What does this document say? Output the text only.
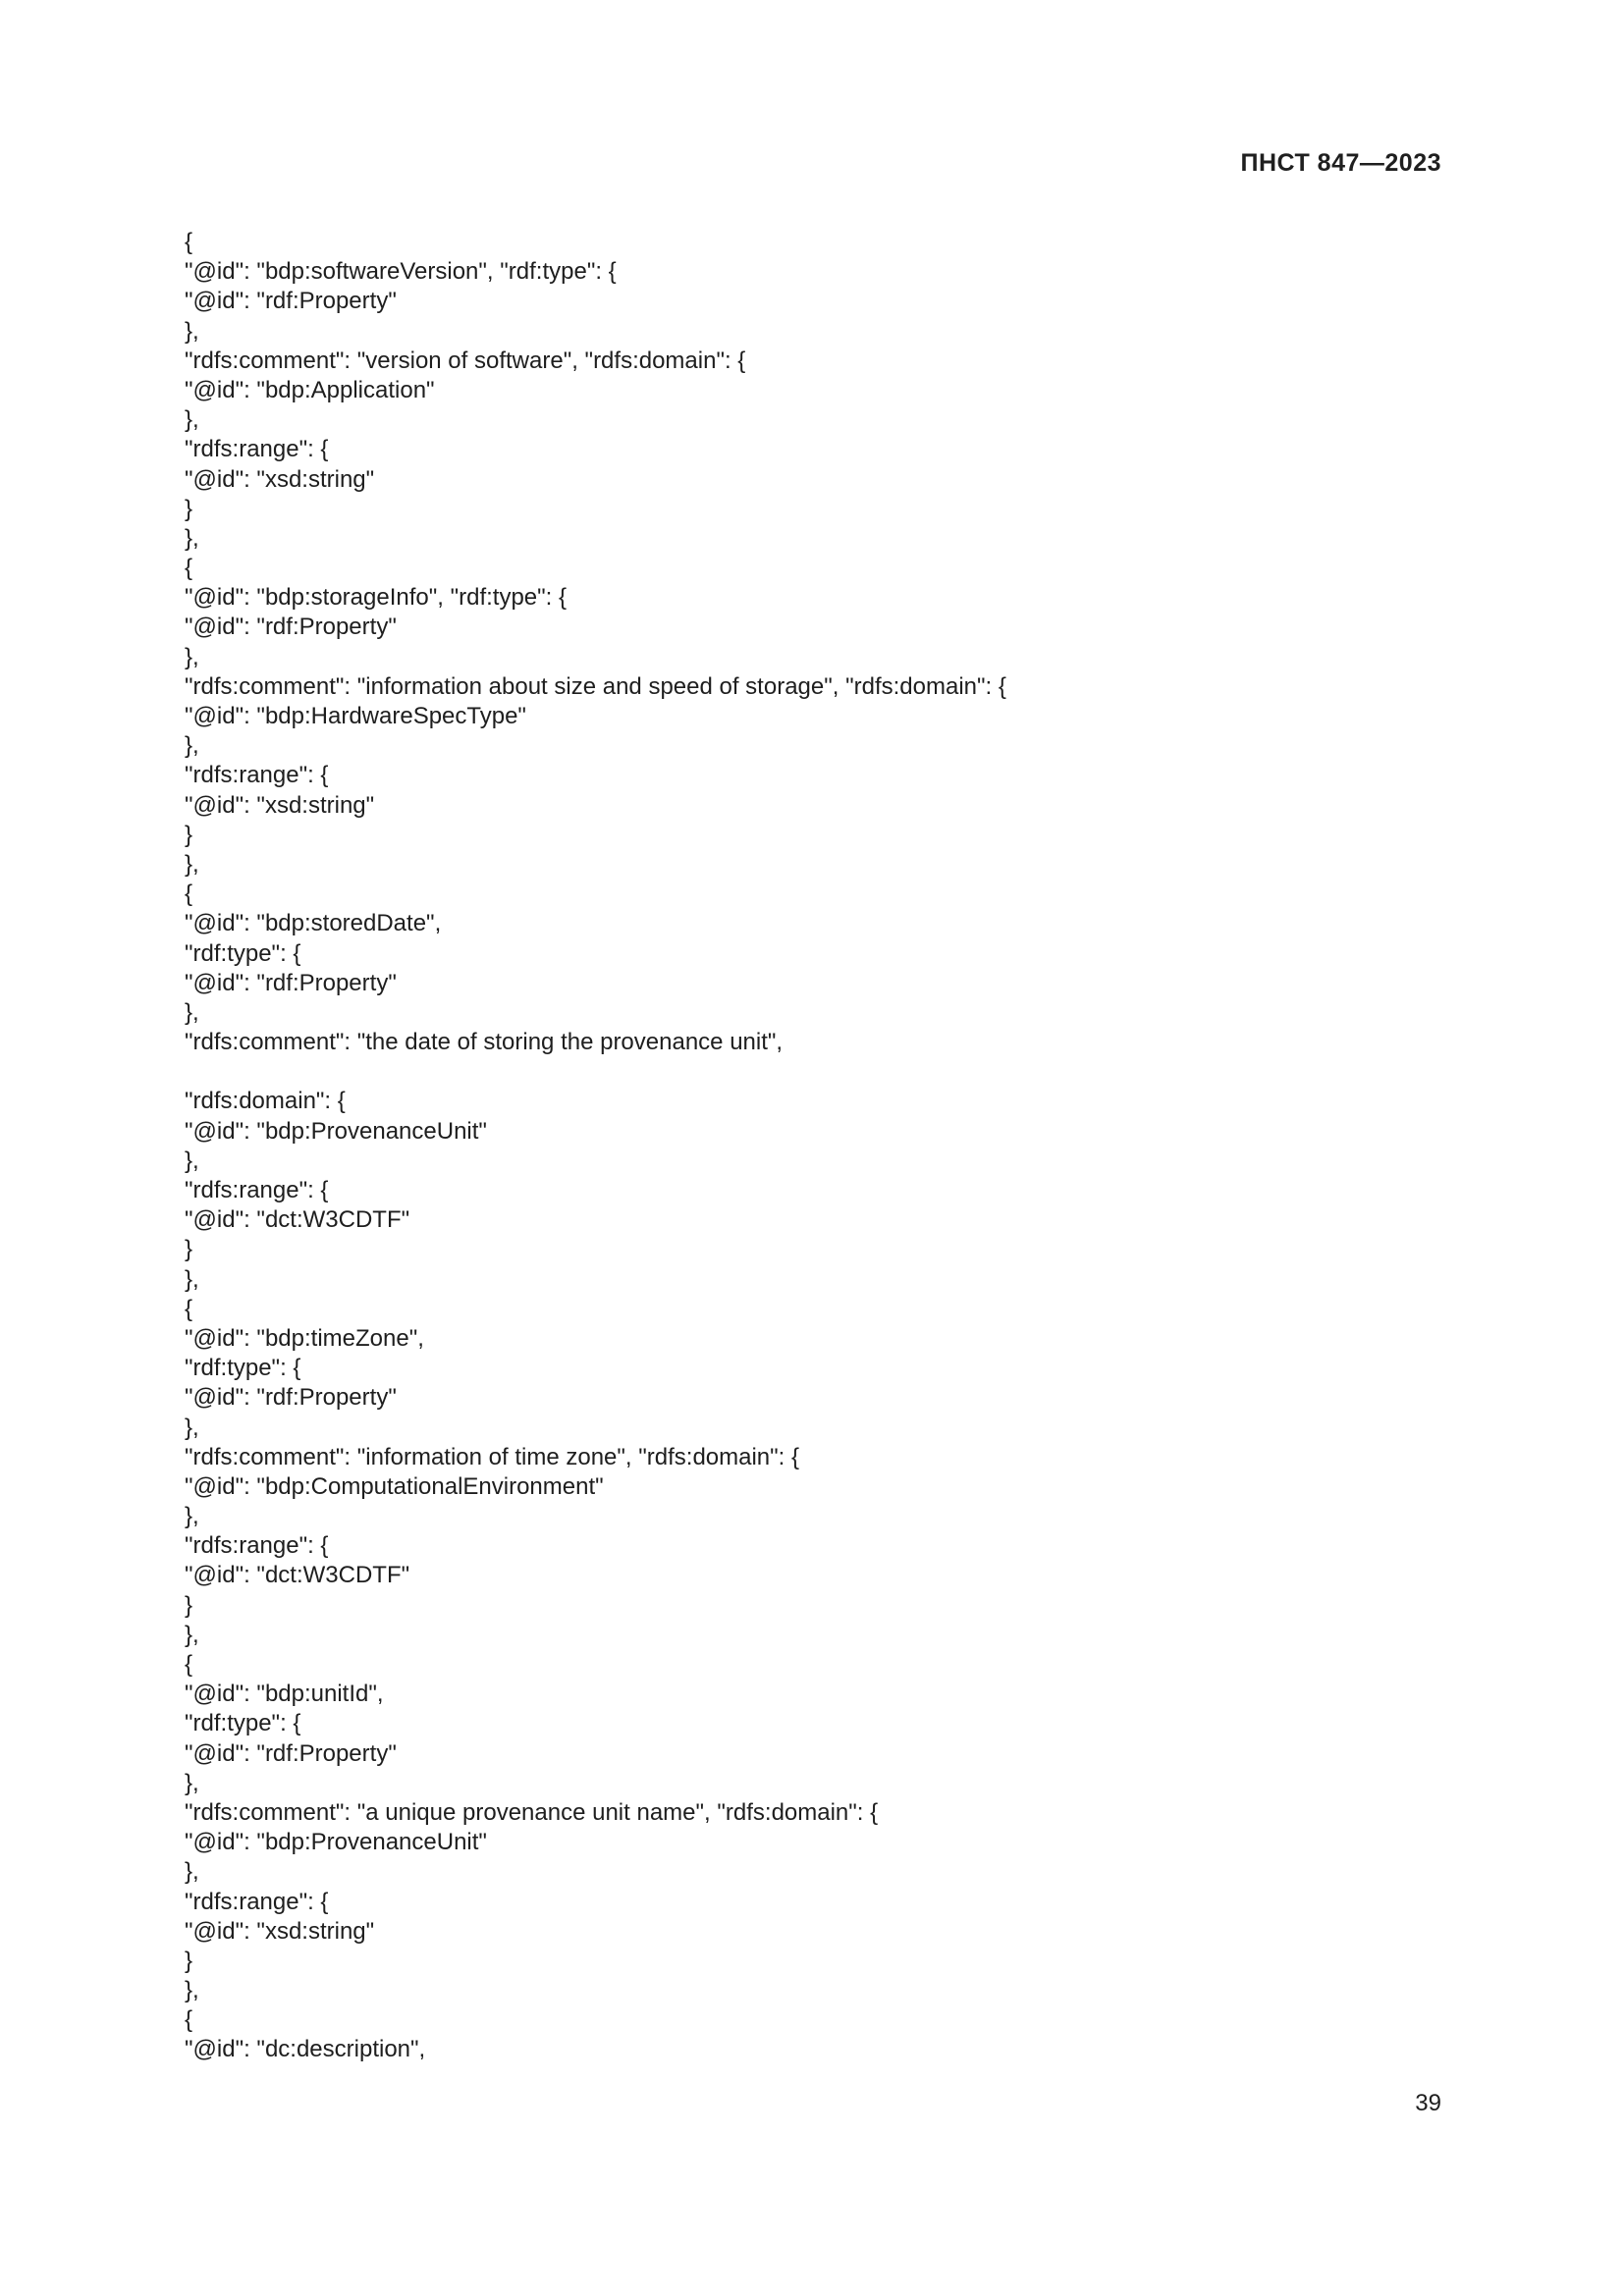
ПНСТ 847—2023
{
"@id": "bdp:softwareVersion", "rdf:type": {
"@id": "rdf:Property"
},
"rdfs:comment": "version of software", "rdfs:domain": {
"@id": "bdp:Application"
},
"rdfs:range": {
"@id": "xsd:string"
}
},
{
"@id": "bdp:storageInfo", "rdf:type": {
"@id": "rdf:Property"
},
"rdfs:comment": "information about size and speed of storage", "rdfs:domain": {
"@id": "bdp:HardwareSpecType"
},
"rdfs:range": {
"@id": "xsd:string"
}
},
{
"@id": "bdp:storedDate",
"rdf:type": {
"@id": "rdf:Property"
},
"rdfs:comment": "the date of storing the provenance unit",
"rdfs:domain": {
"@id": "bdp:ProvenanceUnit"
},
"rdfs:range": {
"@id": "dct:W3CDTF"
}
},
{
"@id": "bdp:timeZone",
"rdf:type": {
"@id": "rdf:Property"
},
"rdfs:comment": "information of time zone", "rdfs:domain": {
"@id": "bdp:ComputationalEnvironment"
},
"rdfs:range": {
"@id": "dct:W3CDTF"
}
},
{
"@id": "bdp:unitId",
"rdf:type": {
"@id": "rdf:Property"
},
"rdfs:comment": "a unique provenance unit name", "rdfs:domain": {
"@id": "bdp:ProvenanceUnit"
},
"rdfs:range": {
"@id": "xsd:string"
}
},
{
"@id": "dc:description",
39
